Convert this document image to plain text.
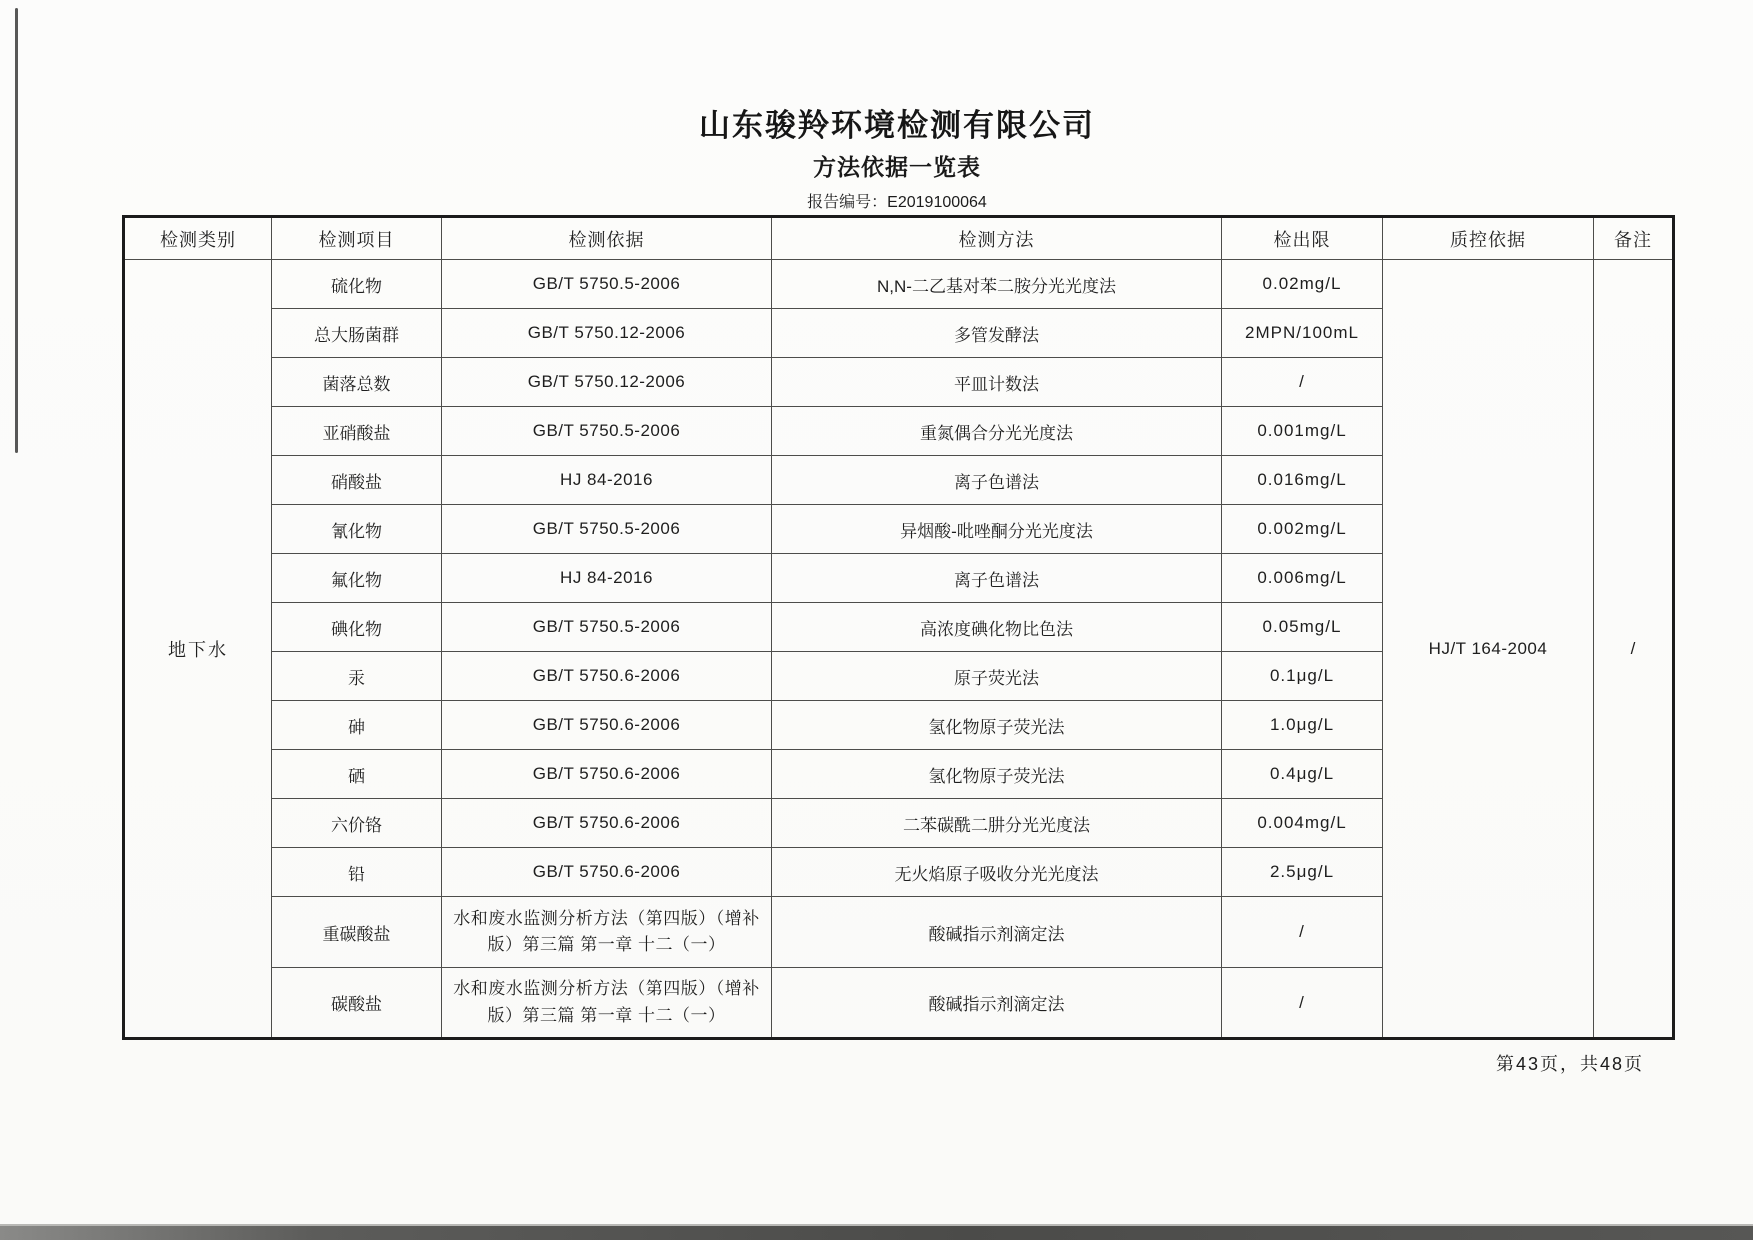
山东骏羚环境检测有限公司
方法依据一览表
报告编号：E2019100064
检测类别	检测项目	检测依据	检测方法	检出限	质控依据	备注
地下水	硫化物	GB/T 5750.5-2006	N,N-二乙基对苯二胺分光光度法	0.02mg/L	HJ/T 164-2004	/
	总大肠菌群	GB/T 5750.12-2006	多管发酵法	2MPN/100mL		
	菌落总数	GB/T 5750.12-2006	平皿计数法	/		
	亚硝酸盐	GB/T 5750.5-2006	重氮偶合分光光度法	0.001mg/L		
	硝酸盐	HJ 84-2016	离子色谱法	0.016mg/L		
	氰化物	GB/T 5750.5-2006	异烟酸-吡唑酮分光光度法	0.002mg/L		
	氟化物	HJ 84-2016	离子色谱法	0.006mg/L		
	碘化物	GB/T 5750.5-2006	高浓度碘化物比色法	0.05mg/L		
	汞	GB/T 5750.6-2006	原子荧光法	0.1μg/L		
	砷	GB/T 5750.6-2006	氢化物原子荧光法	1.0μg/L		
	硒	GB/T 5750.6-2006	氢化物原子荧光法	0.4μg/L		
	六价铬	GB/T 5750.6-2006	二苯碳酰二肼分光光度法	0.004mg/L		
	铅	GB/T 5750.6-2006	无火焰原子吸收分光光度法	2.5μg/L		
	重碳酸盐	水和废水监测分析方法（第四版）（增补版）第三篇 第一章 十二（一）	酸碱指示剂滴定法	/		
	碳酸盐	水和废水监测分析方法（第四版）（增补版）第三篇 第一章 十二（一）	酸碱指示剂滴定法	/		
第43页，共48页
